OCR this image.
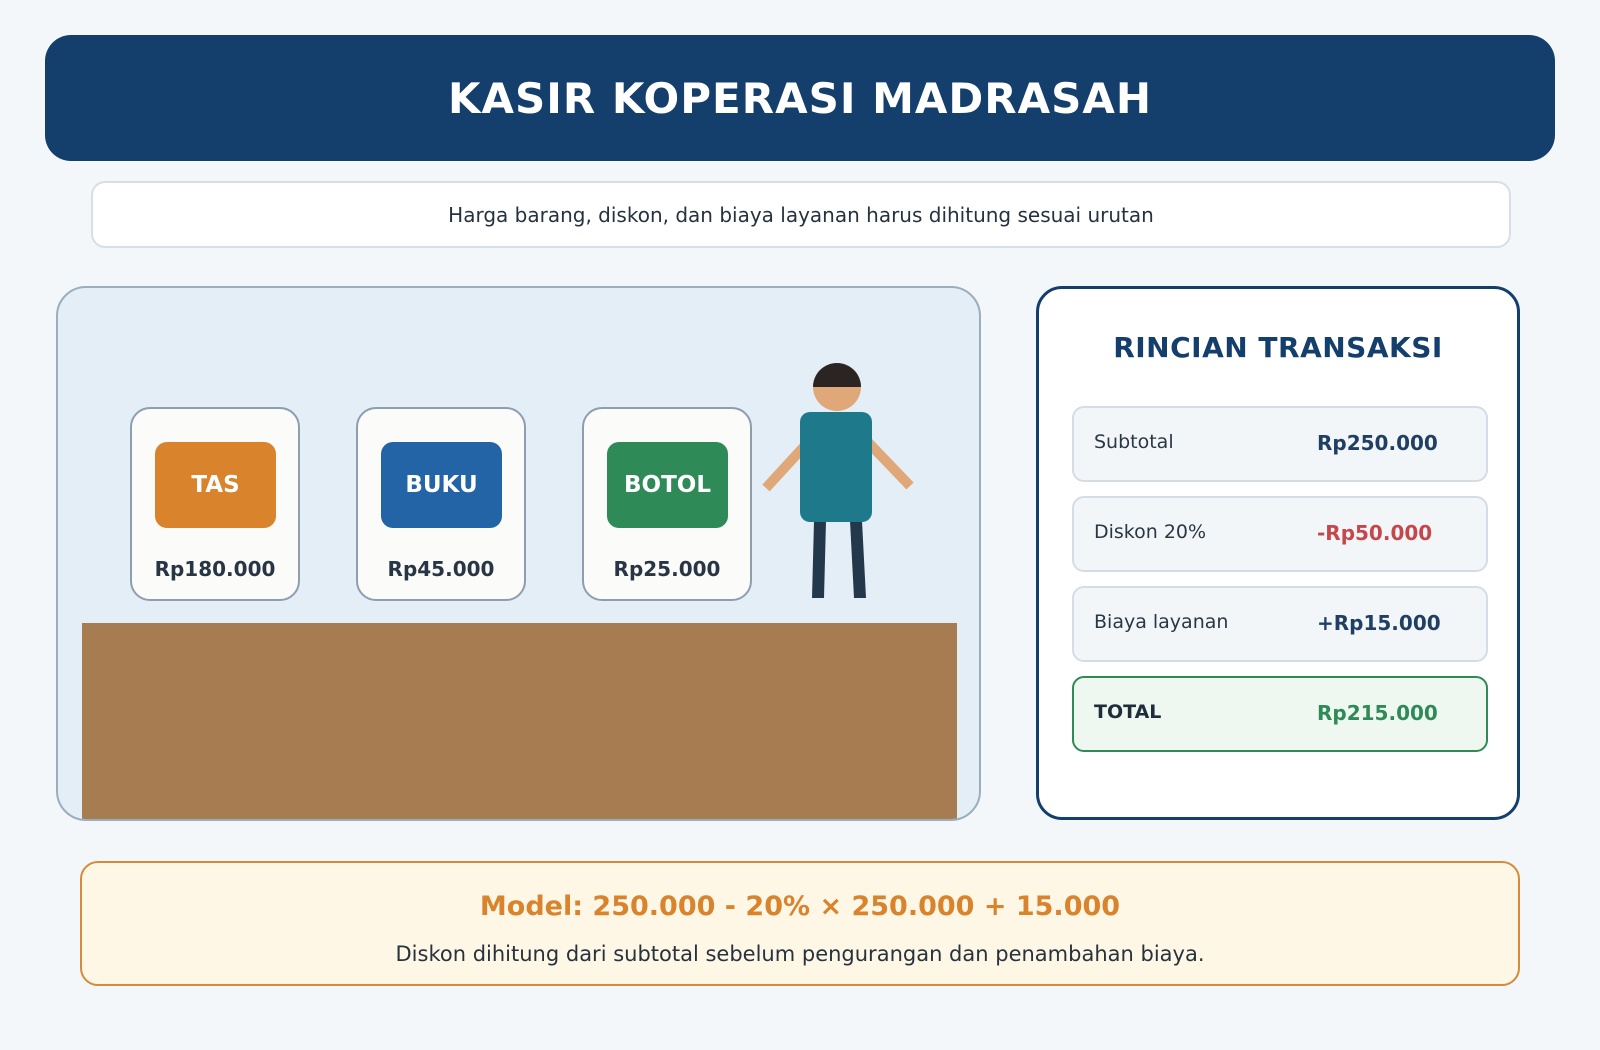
KASIR KOPERASI MADRASAH
Harga barang, diskon, dan biaya layanan harus dihitung sesuai urutan
TAS
Rp180.000
BUKU
Rp45.000
BOTOL
Rp25.000
RINCIAN TRANSAKSI
Subtotal	Rp250.000
Diskon 20%	-Rp50.000
Biaya layanan	+Rp15.000
TOTAL	Rp215.000
Model: 250.000 - 20% × 250.000 + 15.000
Diskon dihitung dari subtotal sebelum pengurangan dan penambahan biaya.
